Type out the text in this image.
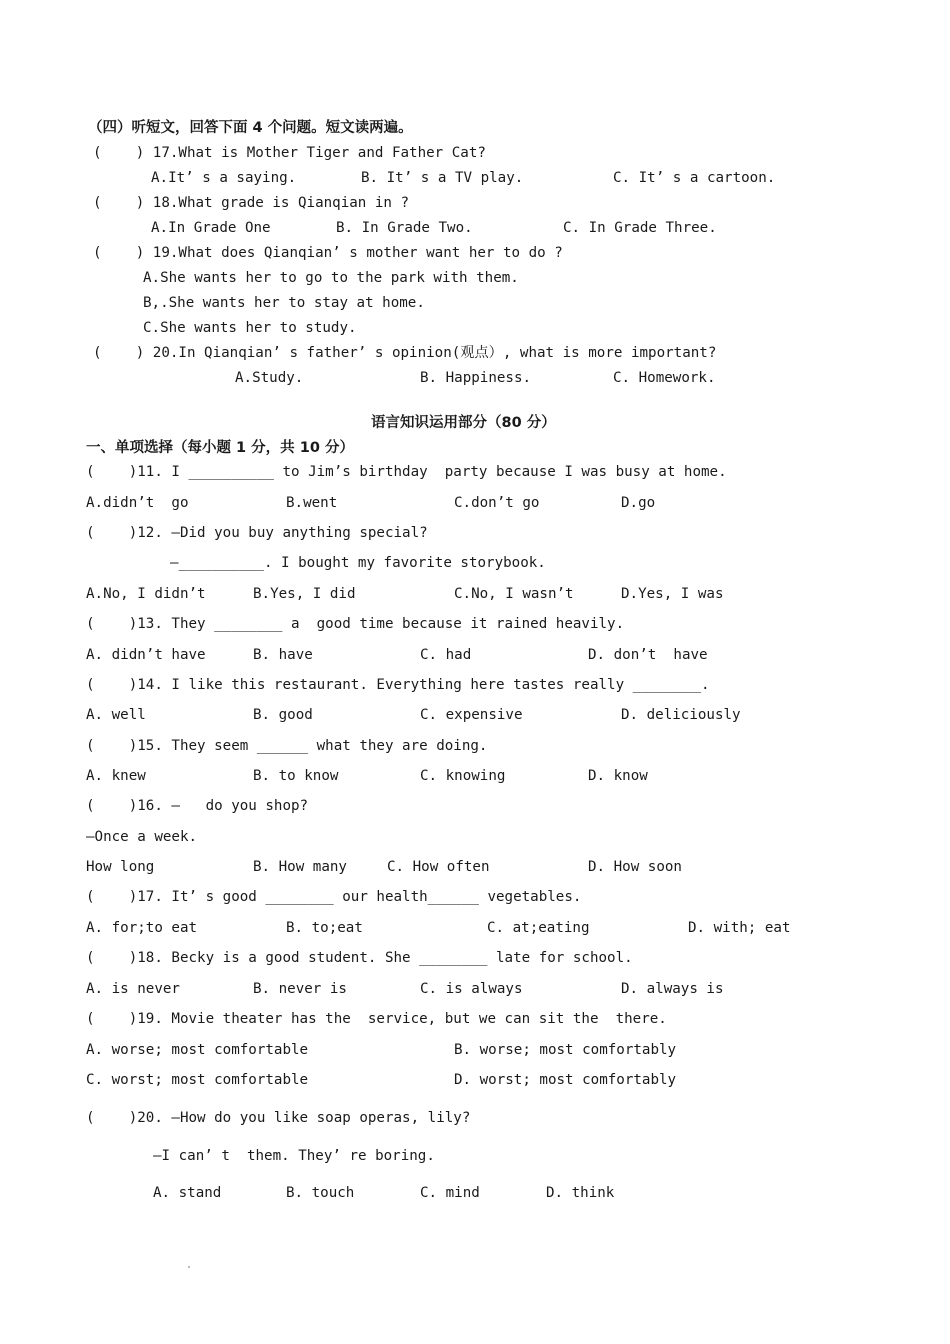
（四）听短文，回答下面 4 个问题。短文读两遍。
(    ) 17.What is Mother Tiger and Father Cat?
A.It’ s a saying.	B. It’ s a TV play.	C. It’ s a cartoon.
(    ) 18.What grade is Qianqian in ?
A.In Grade One	B. In Grade Two.	C. In Grade Three.
(    ) 19.What does Qianqian’ s mother want her to do ?
A.She wants her to go to the park with them.
B,.She wants her to stay at home.
C.She wants her to study.
(    ) 20.In Qianqian’ s father’ s opinion(观点）, what is more important?
A.Study.	B. Happiness.	C. Homework.
语言知识运用部分（80 分）
一、单项选择（每小题 1 分，共 10 分）
(    )11. I __________ to Jim’s birthday  party because I was busy at home.
A.didn’t  go	B.went	C.don’t go	D.go
(    )12. —Did you buy anything special?
—__________. I bought my favorite storybook.
A.No, I didn’t	B.Yes, I did	C.No, I wasn’t	D.Yes, I was
(    )13. They ________ a  good time because it rained heavily.
A. didn’t have	B. have	C. had	D. don’t  have
(    )14. I like this restaurant. Everything here tastes really ________.
A. well	B. good	C. expensive	D. deliciously
(    )15. They seem ______ what they are doing.
A. knew	B. to know	C. knowing	D. know
(    )16. —   do you shop?
—Once a week.
How long	B. How many	C. How often	D. How soon
(    )17. It’ s good ________ our health______ vegetables.
A. for;to eat	B. to;eat	C. at;eating	D. with; eat
(    )18. Becky is a good student. She ________ late for school.
A. is never	B. never is	C. is always	D. always is
(    )19. Movie theater has the  service, but we can sit the  there.
A. worse; most comfortable	B. worse; most comfortably
C. worst; most comfortable	D. worst; most comfortably
(    )20. —How do you like soap operas, lily?
—I can’ t  them. They’ re boring.
A. stand	B. touch	C. mind	D. think
